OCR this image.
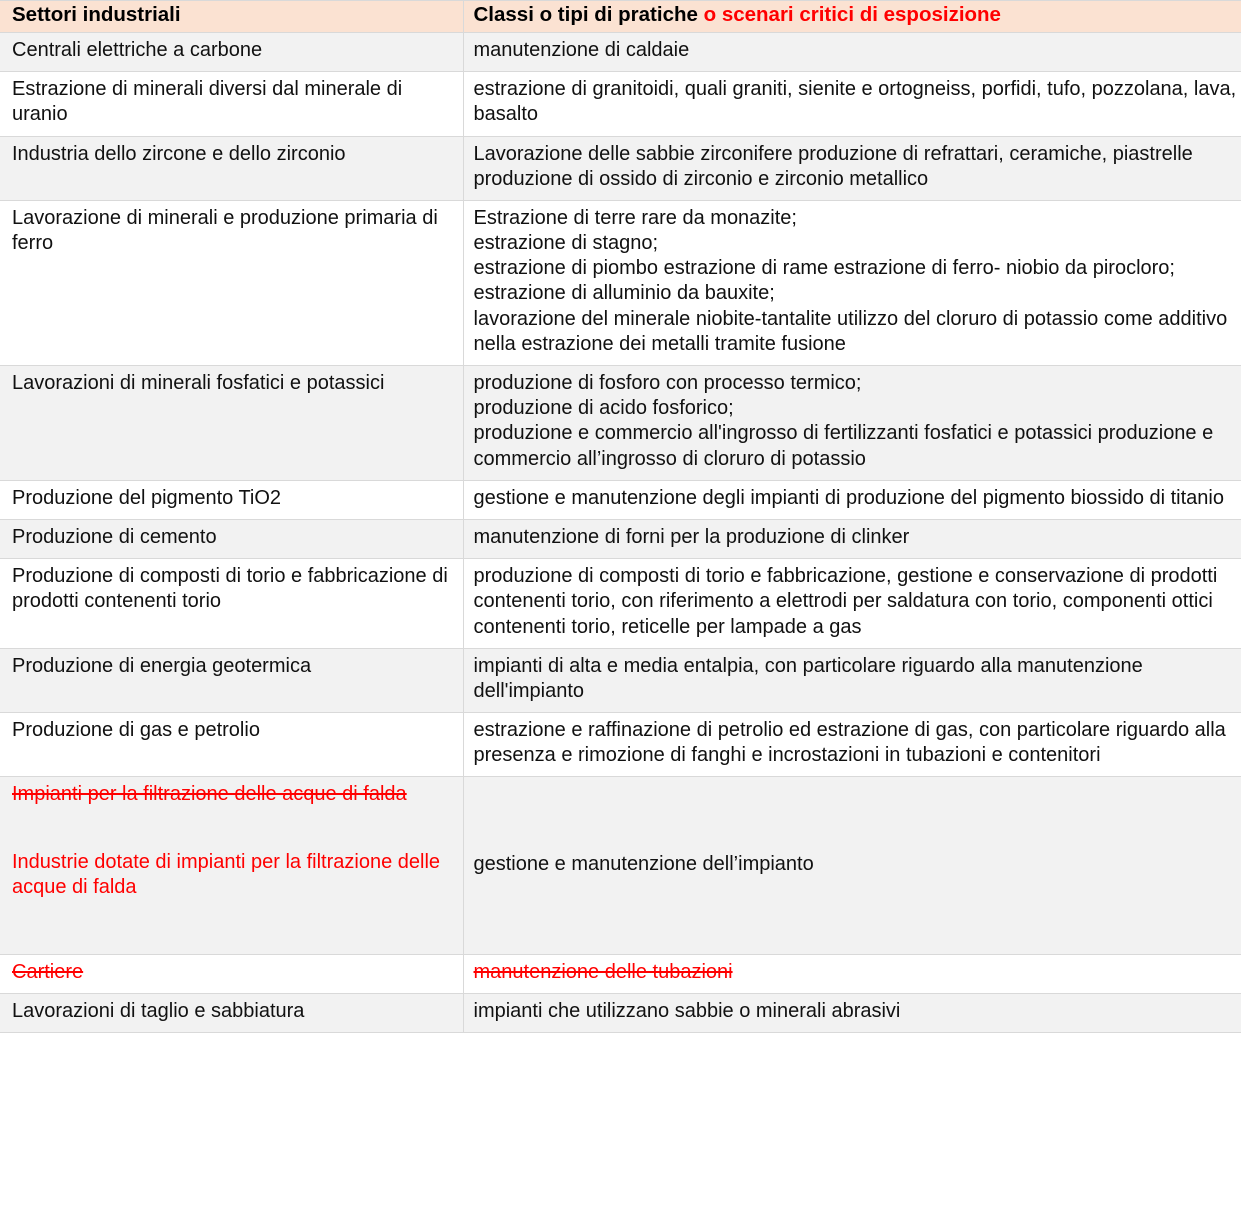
Settori industriali	Classi o tipi di pratiche o scenari critici di esposizione
Centrali elettriche a carbone	manutenzione di caldaie

Estrazione di minerali diversi dal minerale di uranio	estrazione di granitoidi, quali graniti, sienite e ortogneiss, porfidi, tufo, pozzolana, lava, basalto

Industria dello zircone e dello zirconio	Lavorazione delle sabbie zirconifere produzione di refrattari, ceramiche, piastrelle produzione di ossido di zirconio e zirconio metallico

Lavorazione di minerali e produzione primaria di ferro	Estrazione di terre rare da monazite;
estrazione di stagno;
estrazione di piombo estrazione di rame estrazione di ferro- niobio da pirocloro;
estrazione di alluminio da bauxite;
lavorazione del minerale niobite-tantalite utilizzo del cloruro di potassio come additivo nella estrazione dei metalli tramite fusione

Lavorazioni di minerali fosfatici e potassici	produzione di fosforo con processo termico;
produzione di acido fosforico;
produzione e commercio all'ingrosso di fertilizzanti fosfatici e potassici produzione e commercio all’ingrosso di cloruro di potassio

Produzione del pigmento TiO2	gestione e manutenzione degli impianti di produzione del pigmento biossido di titanio

Produzione di cemento	manutenzione di forni per la produzione di clinker

Produzione di composti di torio e fabbricazione di prodotti contenenti torio	produzione di composti di torio e fabbricazione, gestione e conservazione di prodotti contenenti torio, con riferimento a elettrodi per saldatura con torio, componenti ottici contenenti torio, reticelle per lampade a gas

Produzione di energia geotermica	impianti di alta e media entalpia, con particolare riguardo alla manutenzione dell'impianto

Produzione di gas e petrolio	estrazione e raffinazione di petrolio ed estrazione di gas, con particolare riguardo alla presenza e rimozione di fanghi e incrostazioni in tubazioni e contenitori

Impianti per la filtrazione delle acque di falda
Industrie dotate di impianti per la filtrazione delle acque di falda	gestione e manutenzione dell’impianto

Cartiere	manutenzione delle tubazioni

Lavorazioni di taglio e sabbiatura	impianti che utilizzano sabbie o minerali abrasivi
